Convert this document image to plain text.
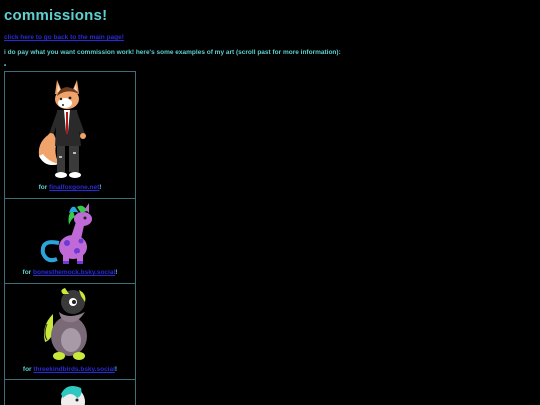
commissions!
click here to go back to the main page!
i do pay what you want commission work! here's some examples of my art (scroll past for more information):
•
for finalfoxgone.net!

for bonesthemock.bsky.social!

for threekindbirds.bsky.social!
